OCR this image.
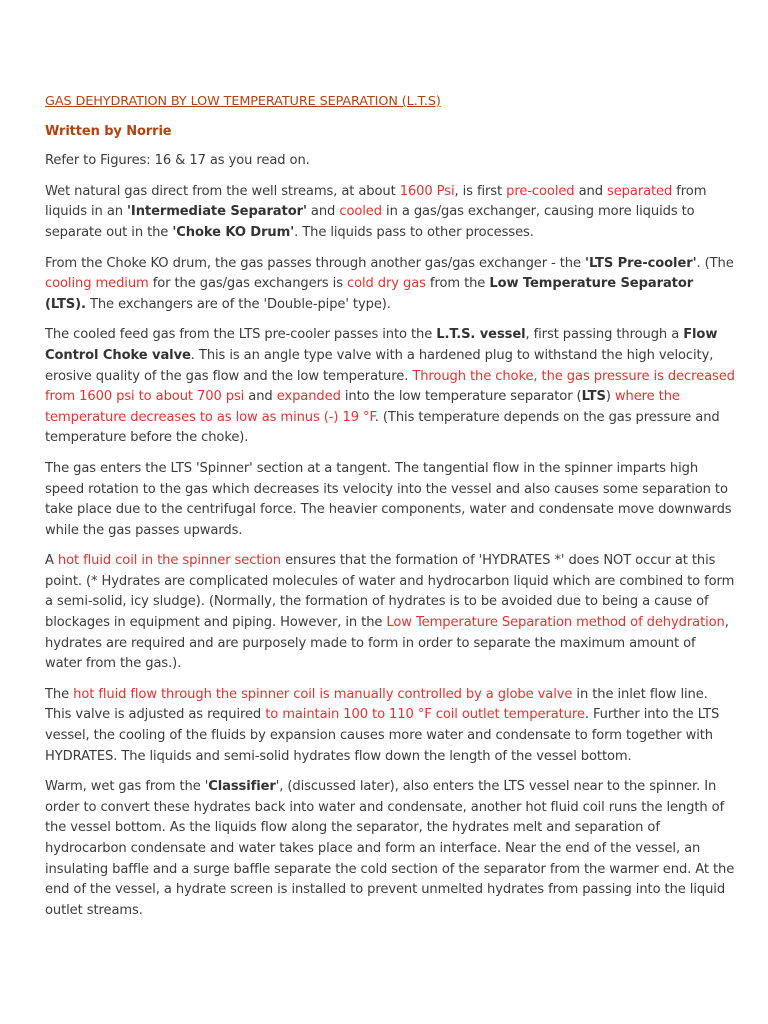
GAS DEHYDRATION BY LOW TEMPERATURE SEPARATION (L.T.S)
Written by Norrie

Refer to Figures: 16 & 17 as you read on.

Wet natural gas direct from the well streams, at about 1600 Psi, is first pre-cooled and separated from liquids in an 'Intermediate Separator' and cooled in a gas/gas exchanger, causing more liquids to separate out in the 'Choke KO Drum'. The liquids pass to other processes.

From the Choke KO drum, the gas passes through another gas/gas exchanger - the 'LTS Pre-cooler'. (The cooling medium for the gas/gas exchangers is cold dry gas from the Low Temperature Separator (LTS). The exchangers are of the 'Double-pipe' type).

The cooled feed gas from the LTS pre-cooler passes into the L.T.S. vessel, first passing through a Flow Control Choke valve. This is an angle type valve with a hardened plug to withstand the high velocity, erosive quality of the gas flow and the low temperature. Through the choke, the gas pressure is decreased from 1600 psi to about 700 psi and expanded into the low temperature separator (LTS) where the temperature decreases to as low as minus (-) 19 °F. (This temperature depends on the gas pressure and temperature before the choke).

The gas enters the LTS 'Spinner' section at a tangent. The tangential flow in the spinner imparts high speed rotation to the gas which decreases its velocity into the vessel and also causes some separation to take place due to the centrifugal force. The heavier components, water and condensate move downwards while the gas passes upwards.

A hot fluid coil in the spinner section ensures that the formation of 'HYDRATES *' does NOT occur at this point. (* Hydrates are complicated molecules of water and hydrocarbon liquid which are combined to form a semi-solid, icy sludge). (Normally, the formation of hydrates is to be avoided due to being a cause of blockages in equipment and piping. However, in the Low Temperature Separation method of dehydration, hydrates are required and are purposely made to form in order to separate the maximum amount of water from the gas.).

The hot fluid flow through the spinner coil is manually controlled by a globe valve in the inlet flow line. This valve is adjusted as required to maintain 100 to 110 °F coil outlet temperature. Further into the LTS vessel, the cooling of the fluids by expansion causes more water and condensate to form together with HYDRATES. The liquids and semi-solid hydrates flow down the length of the vessel bottom.

Warm, wet gas from the 'Classifier', (discussed later), also enters the LTS vessel near to the spinner. In order to convert these hydrates back into water and condensate, another hot fluid coil runs the length of the vessel bottom. As the liquids flow along the separator, the hydrates melt and separation of hydrocarbon condensate and water takes place and form an interface. Near the end of the vessel, an insulating baffle and a surge baffle separate the cold section of the separator from the warmer end. At the end of the vessel, a hydrate screen is installed to prevent unmelted hydrates from passing into the liquid outlet streams.
